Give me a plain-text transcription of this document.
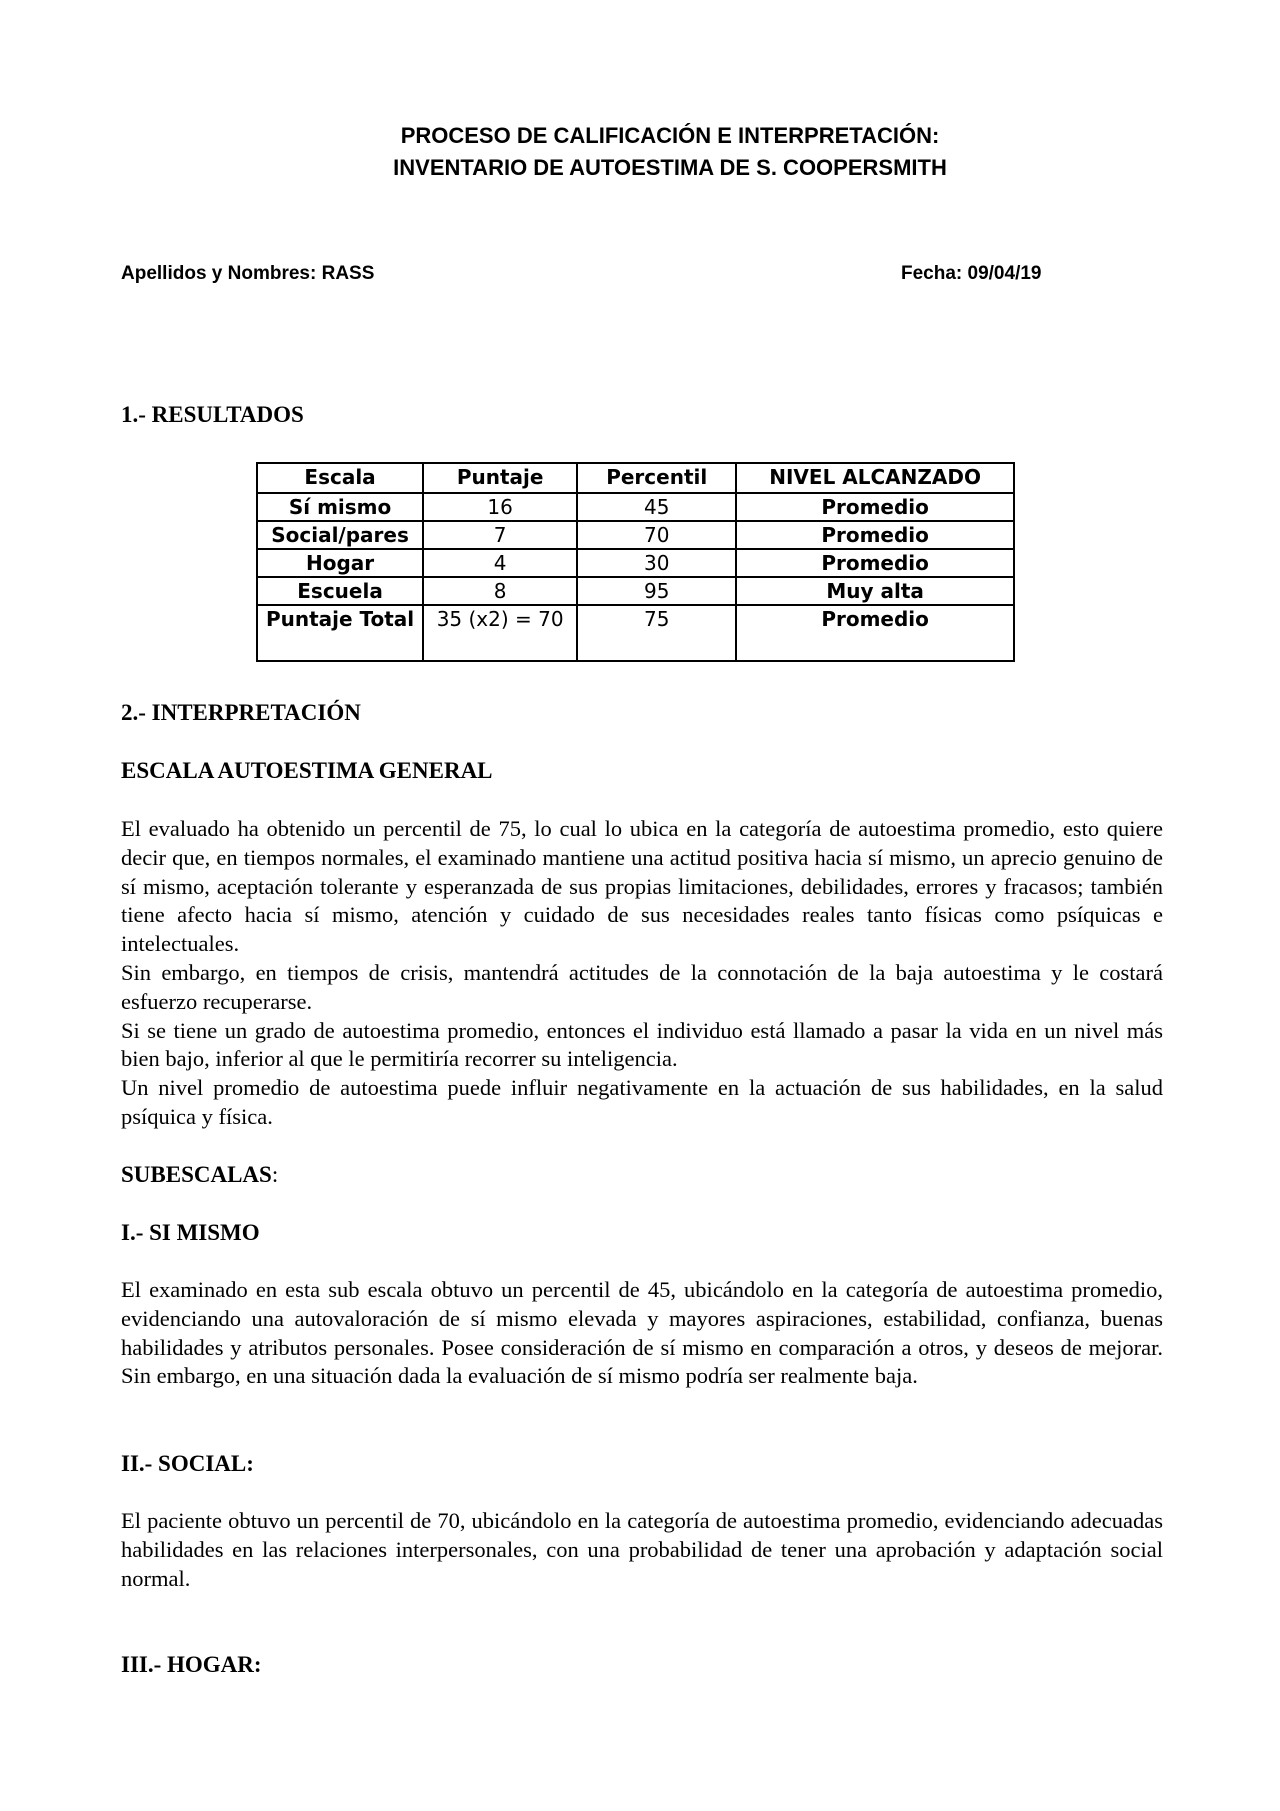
PROCESO DE CALIFICACIÓN E INTERPRETACIÓN:
INVENTARIO DE AUTOESTIMA DE S. COOPERSMITH
Apellidos y Nombres: RASS	Fecha: 09/04/19
1.- RESULTADOS
Escala	Puntaje	Percentil	NIVEL ALCANZADO
Sí mismo	16	45	Promedio
Social/pares	7	70	Promedio
Hogar	4	30	Promedio
Escuela	8	95	Muy alta
Puntaje Total	35 (x2) = 70	75	Promedio
2.- INTERPRETACIÓN
ESCALA AUTOESTIMA GENERAL
El evaluado ha obtenido un percentil de 75, lo cual lo ubica en la categoría de autoestima promedio, esto quiere decir que, en tiempos normales, el examinado mantiene una actitud positiva hacia sí mismo, un aprecio genuino de sí mismo, aceptación tolerante y esperanzada de sus propias limitaciones, debilidades, errores y fracasos; también tiene afecto hacia sí mismo, atención y cuidado de sus necesidades reales tanto físicas como psíquicas e intelectuales.
Sin embargo, en tiempos de crisis, mantendrá actitudes de la connotación de la baja autoestima y le costará esfuerzo recuperarse.
Si se tiene un grado de autoestima promedio, entonces el individuo está llamado a pasar la vida en un nivel más bien bajo, inferior al que le permitiría recorrer su inteligencia.
Un nivel promedio de autoestima puede influir negativamente en la actuación de sus habilidades, en la salud psíquica y física.
SUBESCALAS:
I.- SI MISMO

El examinado en esta sub escala obtuvo un percentil de 45, ubicándolo en la categoría de autoestima promedio, evidenciando una autovaloración de sí mismo elevada y mayores aspiraciones, estabilidad, confianza, buenas habilidades y atributos personales. Posee consideración de sí mismo en comparación a otros, y deseos de mejorar. Sin embargo, en una situación dada la evaluación de sí mismo podría ser realmente baja.

II.- SOCIAL:

El paciente obtuvo un percentil de 70, ubicándolo en la categoría de autoestima promedio, evidenciando adecuadas habilidades en las relaciones interpersonales, con una probabilidad de tener una aprobación y adaptación social normal.

III.- HOGAR:
